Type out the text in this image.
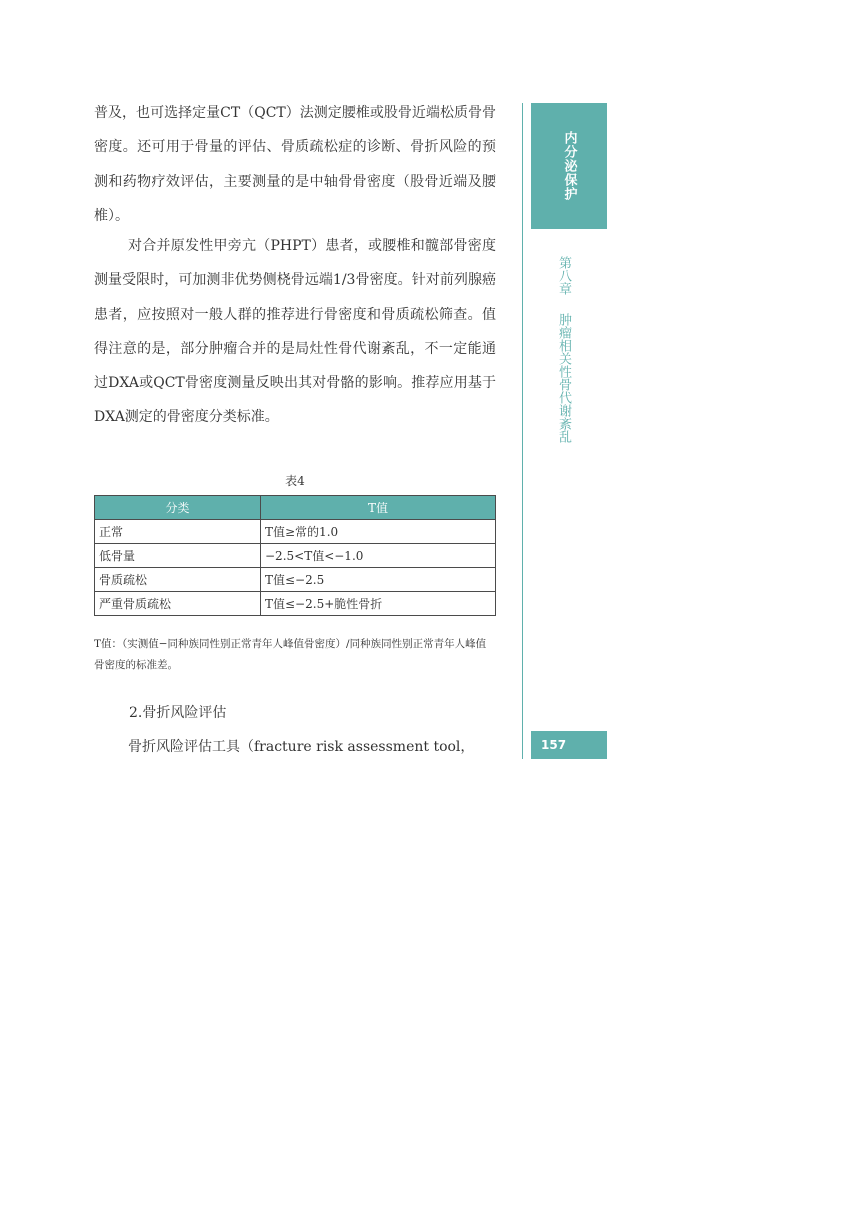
普及，也可选择定量CT（QCT）法测定腰椎或股骨近端松质骨骨密度。还可用于骨量的评估、骨质疏松症的诊断、骨折风险的预测和药物疗效评估，主要测量的是中轴骨骨密度（股骨近端及腰椎）。

对合并原发性甲旁亢（PHPT）患者，或腰椎和髋部骨密度测量受限时，可加测非优势侧桡骨远端1/3骨密度。针对前列腺癌患者，应按照对一般人群的推荐进行骨密度和骨质疏松筛查。值得注意的是，部分肿瘤合并的是局灶性骨代谢紊乱，不一定能通过DXA或QCT骨密度测量反映出其对骨骼的影响。推荐应用基于DXA测定的骨密度分类标准。

表4
分类	T值
正常	T值≥常的1.0
低骨量	−2.5<T值<−1.0
骨质疏松	T值≤−2.5
严重骨质疏松	T值≤−2.5+脆性骨折

T值：（实测值−同种族同性别正常青年人峰值骨密度）/同种族同性别正常青年人峰值骨密度的标准差。

2.骨折风险评估

骨折风险评估工具（fracture risk assessment tool，

内分泌保护
第八章肿瘤相关性骨代谢紊乱
157
